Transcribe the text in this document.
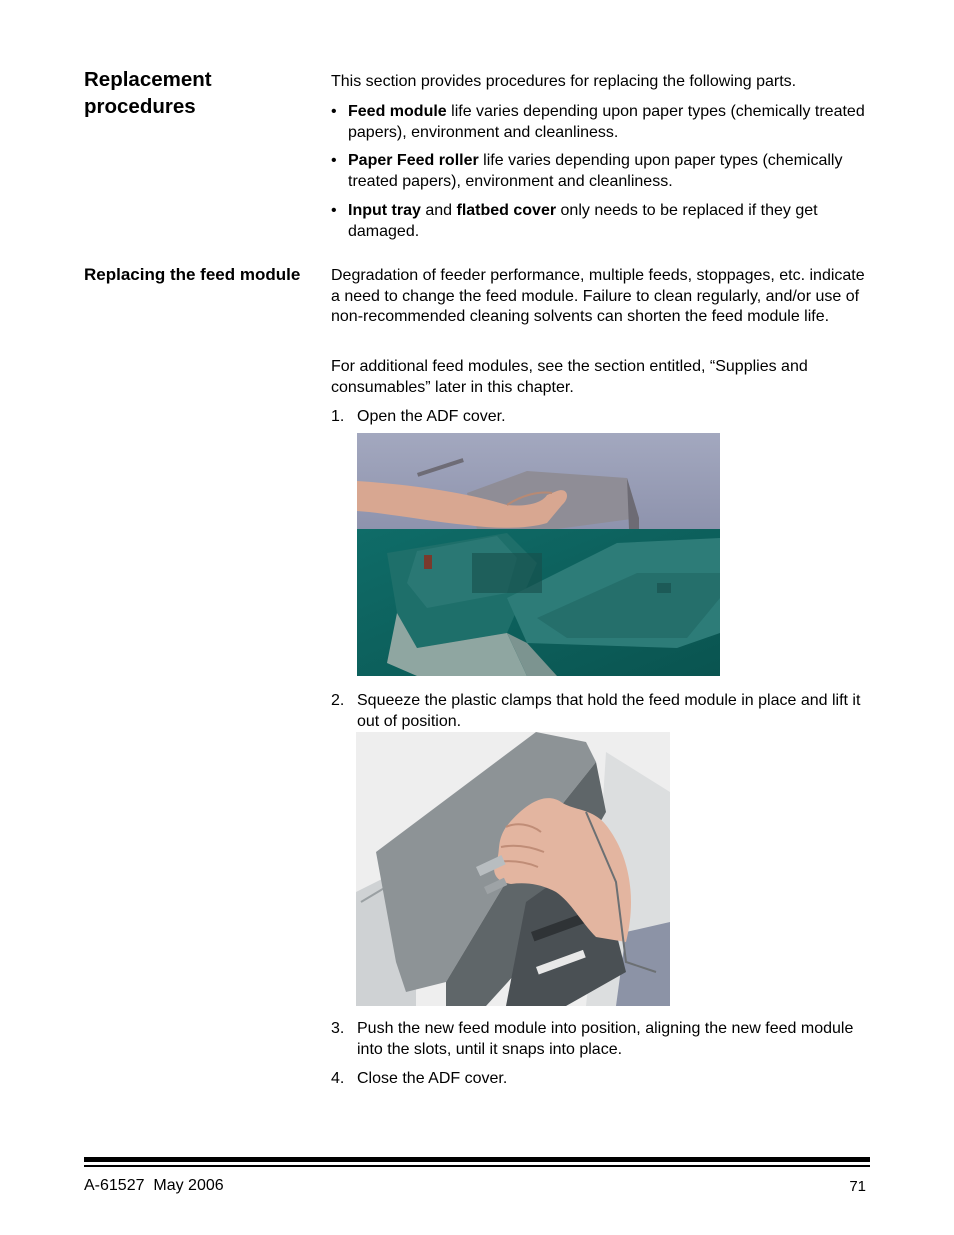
Replacement procedures

This section provides procedures for replacing the following parts.

• Feed module life varies depending upon paper types (chemically treated papers), environment and cleanliness.
• Paper Feed roller life varies depending upon paper types (chemically treated papers), environment and cleanliness.
• Input tray and flatbed cover only needs to be replaced if they get damaged.
Replacing the feed module Degradation of feeder performance, multiple feeds, stoppages, etc. indicate a need to change the feed module. Failure to clean regularly, and/or use of non-recommended cleaning solvents can shorten the feed module life.

For additional feed modules, see the section entitled, “Supplies and consumables” later in this chapter.

1. Open the ADF cover.
2. Squeeze the plastic clamps that hold the feed module in place and lift it out of position.
3. Push the new feed module into position, aligning the new feed module into the slots, until it snaps into place.
4. Close the ADF cover.
A-61527  May 2006	71
